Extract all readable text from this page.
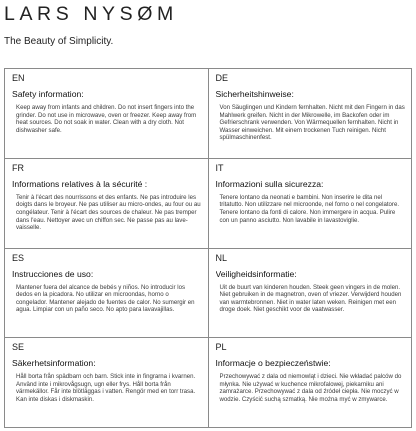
LARS NYSØM
The Beauty of Simplicity.
EN
Safety information:
Keep away from infants and children. Do not insert fingers into the grinder. Do not use in microwave, oven or freezer. Keep away from heat sources. Do not soak in water. Clean with a dry cloth. Not dishwasher safe.
DE
Sicherheitshinweise:
Von Säuglingen und Kindern fernhalten. Nicht mit den Fingern in das Mahlwerk greifen. Nicht in der Mikrowelle, im Backofen oder im Gefrierschrank verwenden. Von Wärmequellen fernhalten. Nicht in Wasser einweichen. Mit einem trockenen Tuch reinigen. Nicht spülmaschinenfest.
FR
Informations relatives à la sécurité :
Tenir à l'écart des nourrissons et des enfants. Ne pas introduire les doigts dans le broyeur. Ne pas utiliser au micro-ondes, au four ou au congélateur. Tenir à l'écart des sources de chaleur. Ne pas tremper dans l'eau. Nettoyer avec un chiffon sec. Ne passe pas au lave-vaisselle.
IT
Informazioni sulla sicurezza:
Tenere lontano da neonati e bambini. Non inserire le dita nel tritatutto. Non utilizzare nel microonde, nel forno o nel congelatore. Tenere lontano da fonti di calore. Non immergere in acqua. Pulire con un panno asciutto. Non lavabile in lavastoviglie.
ES
Instrucciones de uso:
Mantener fuera del alcance de bebés y niños. No introducir los dedos en la picadora. No utilizar en microondas, horno o congelador. Mantener alejado de fuentes de calor. No sumergir en agua. Limpiar con un paño seco. No apto para lavavajillas.
NL
Veiligheidsinformatie:
Uit de buurt van kinderen houden. Steek geen vingers in de molen. Niet gebruiken in de magnetron, oven of vriezer. Verwijderd houden van warmtebronnen. Niet in water laten weken. Reinigen met een droge doek. Niet geschikt voor de vaatwasser.
SE
Säkerhetsinformation:
Håll borta från spädbarn och barn. Stick inte in fingrarna i kvarnen. Använd inte i mikrovågsugn, ugn eller frys. Håll borta från värmekällor. Får inte blötläggas i vatten. Rengör med en torr trasa. Kan inte diskas i diskmaskin.
PL
Informacje o bezpieczeństwie:
Przechowywać z dala od niemowląt i dzieci. Nie wkładać palców do młynka. Nie używać w kuchence mikrofalowej, piekarniku ani zamrażarce. Przechowywać z dala od źródeł ciepła. Nie moczyć w wodzie. Czyścić suchą szmatką. Nie można myć w zmywarce.
